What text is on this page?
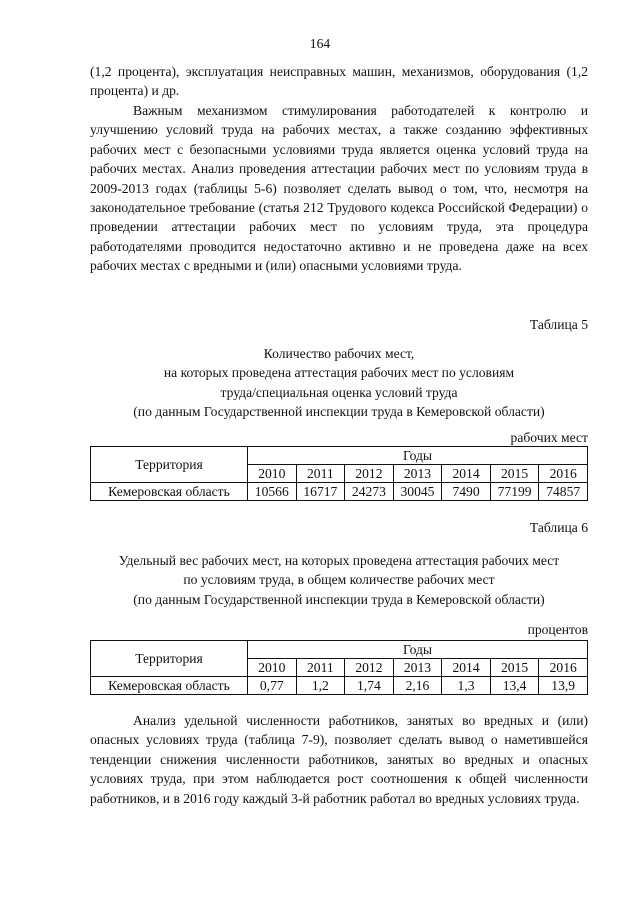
164

(1,2 процента), эксплуатация неисправных машин, механизмов, оборудования (1,2 процента) и др.

Важным механизмом стимулирования работодателей к контролю и улучшению условий труда на рабочих местах, а также созданию эффективных рабочих мест с безопасными условиями труда является оценка условий труда на рабочих местах. Анализ проведения аттестации рабочих мест по условиям труда в 2009-2013 годах (таблицы 5-6) позволяет сделать вывод о том, что, несмотря на законодательное требование (статья 212 Трудового кодекса Российской Федерации) о проведении аттестации рабочих мест по условиям труда, эта процедура работодателями проводится недостаточно активно и не проведена даже на всех рабочих местах с вредными и (или) опасными условиями труда.

Таблица 5
Количество рабочих мест,
на которых проведена аттестация рабочих мест по условиям
труда/специальная оценка условий труда
(по данным Государственной инспекции труда в Кемеровской области)
рабочих мест
Территория	Годы						
	2010	2011	2012	2013	2014	2015	2016
Кемеровская область	10566	16717	24273	30045	7490	77199	74857
Таблица 6
Удельный вес рабочих мест, на которых проведена аттестация рабочих мест
по условиям труда, в общем количестве рабочих мест
(по данным Государственной инспекции труда в Кемеровской области)
процентов
Территория	Годы						
	2010	2011	2012	2013	2014	2015	2016
Кемеровская область	0,77	1,2	1,74	2,16	1,3	13,4	13,9

Анализ удельной численности работников, занятых во вредных и (или) опасных условиях труда (таблица 7-9), позволяет сделать вывод о наметившейся тенденции снижения численности работников, занятых во вредных и опасных условиях труда, при этом наблюдается рост соотношения к общей численности работников, и в 2016 году каждый 3-й работник работал во вредных условиях труда.
